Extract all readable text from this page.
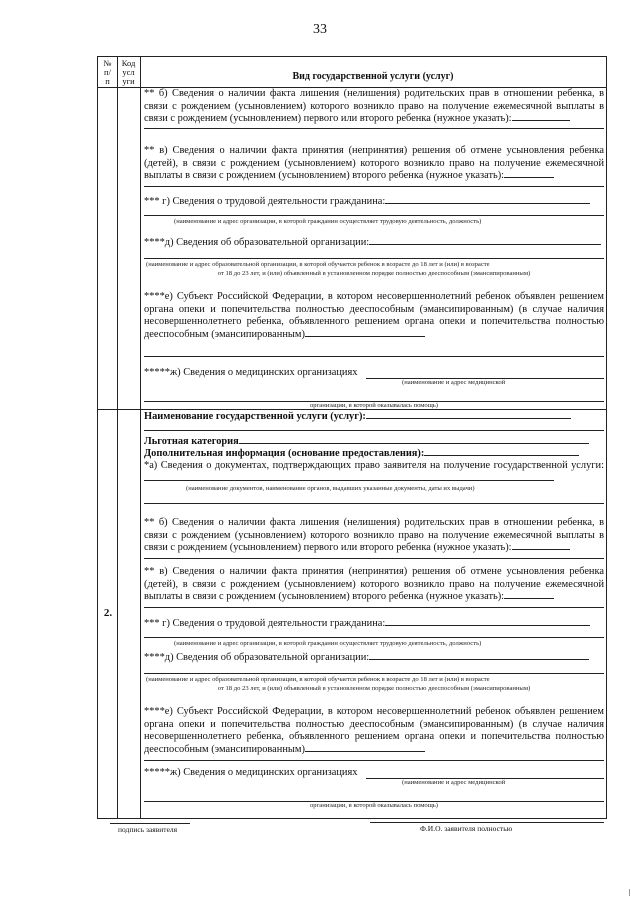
33
№
п/
п
Код
усл
уги	Вид государственной услуги (услуг)
2.
** б) Сведения о наличии факта лишения (нелишения) родительских прав в отношении ребенка, в связи с рождением (усыновлением) которого возникло право на получение ежемесячной выплаты в связи с рождением (усыновлением) первого или второго ребенка (нужное указать):
** в) Сведения о наличии факта принятия (непринятия) решения об отмене усыновления ребенка (детей), в связи с рождением (усыновлением) которого возникло право на получение ежемесячной выплаты в связи с рождением (усыновлением) второго ребенка (нужное указать):
*** г) Сведения о трудовой деятельности гражданина:
(наименование и адрес организации, в которой гражданин осуществляет трудовую деятельность, должность)
****д) Сведения об образовательной организации:
(наименование и адрес образовательной организации, в которой обучается ребенок в возрасте до 18 лет и (или) в возрасте
от 18 до 23 лет, и (или) объявленный в установленном порядке полностью дееспособным (эмансипированным)
****е) Субъект Российской Федерации, в котором несовершеннолетний ребенок объявлен решением органа опеки и попечительства полностью дееспособным (эмансипированным) (в случае наличия несовершеннолетнего ребенка, объявленного решением органа опеки и попечительства полностью дееспособным (эмансипированным)
*****ж) Сведения о медицинских организациях
(наименование и адрес медицинской
организации, в которой оказывалась помощь)
Наименование государственной услуги (услуг):
Льготная категория
Дополнительная информация (основание предоставления):
*а) Сведения о документах, подтверждающих право заявителя на получение государственной услуги:
(наименование документов, наименование органов, выдавших указанные документы, даты их выдачи)
** б) Сведения о наличии факта лишения (нелишения) родительских прав в отношении ребенка, в связи с рождением (усыновлением) которого возникло право на получение ежемесячной выплаты в связи с рождением (усыновлением) первого или второго ребенка (нужное указать):
** в) Сведения о наличии факта принятия (непринятия) решения об отмене усыновления ребенка (детей), в связи с рождением (усыновлением) которого возникло право на получение ежемесячной выплаты в связи с рождением (усыновлением) второго ребенка (нужное указать):
*** г) Сведения о трудовой деятельности гражданина:
(наименование и адрес организации, в которой гражданин осуществляет трудовую деятельность, должность)
****д) Сведения об образовательной организации:
(наименование и адрес образовательной организации, в которой обучается ребенок в возрасте до 18 лет и (или) в возрасте
от 18 до 23 лет, и (или) объявленный в установленном порядке полностью дееспособным (эмансипированным)
****е) Субъект Российской Федерации, в котором несовершеннолетний ребенок объявлен решением органа опеки и попечительства полностью дееспособным (эмансипированным) (в случае наличия несовершеннолетнего ребенка, объявленного решением органа опеки и попечительства полностью дееспособным (эмансипированным)
*****ж) Сведения о медицинских организациях
(наименование и адрес медицинской
организации, в которой оказывалась помощь)
подпись заявителя	Ф.И.О. заявителя полностью
